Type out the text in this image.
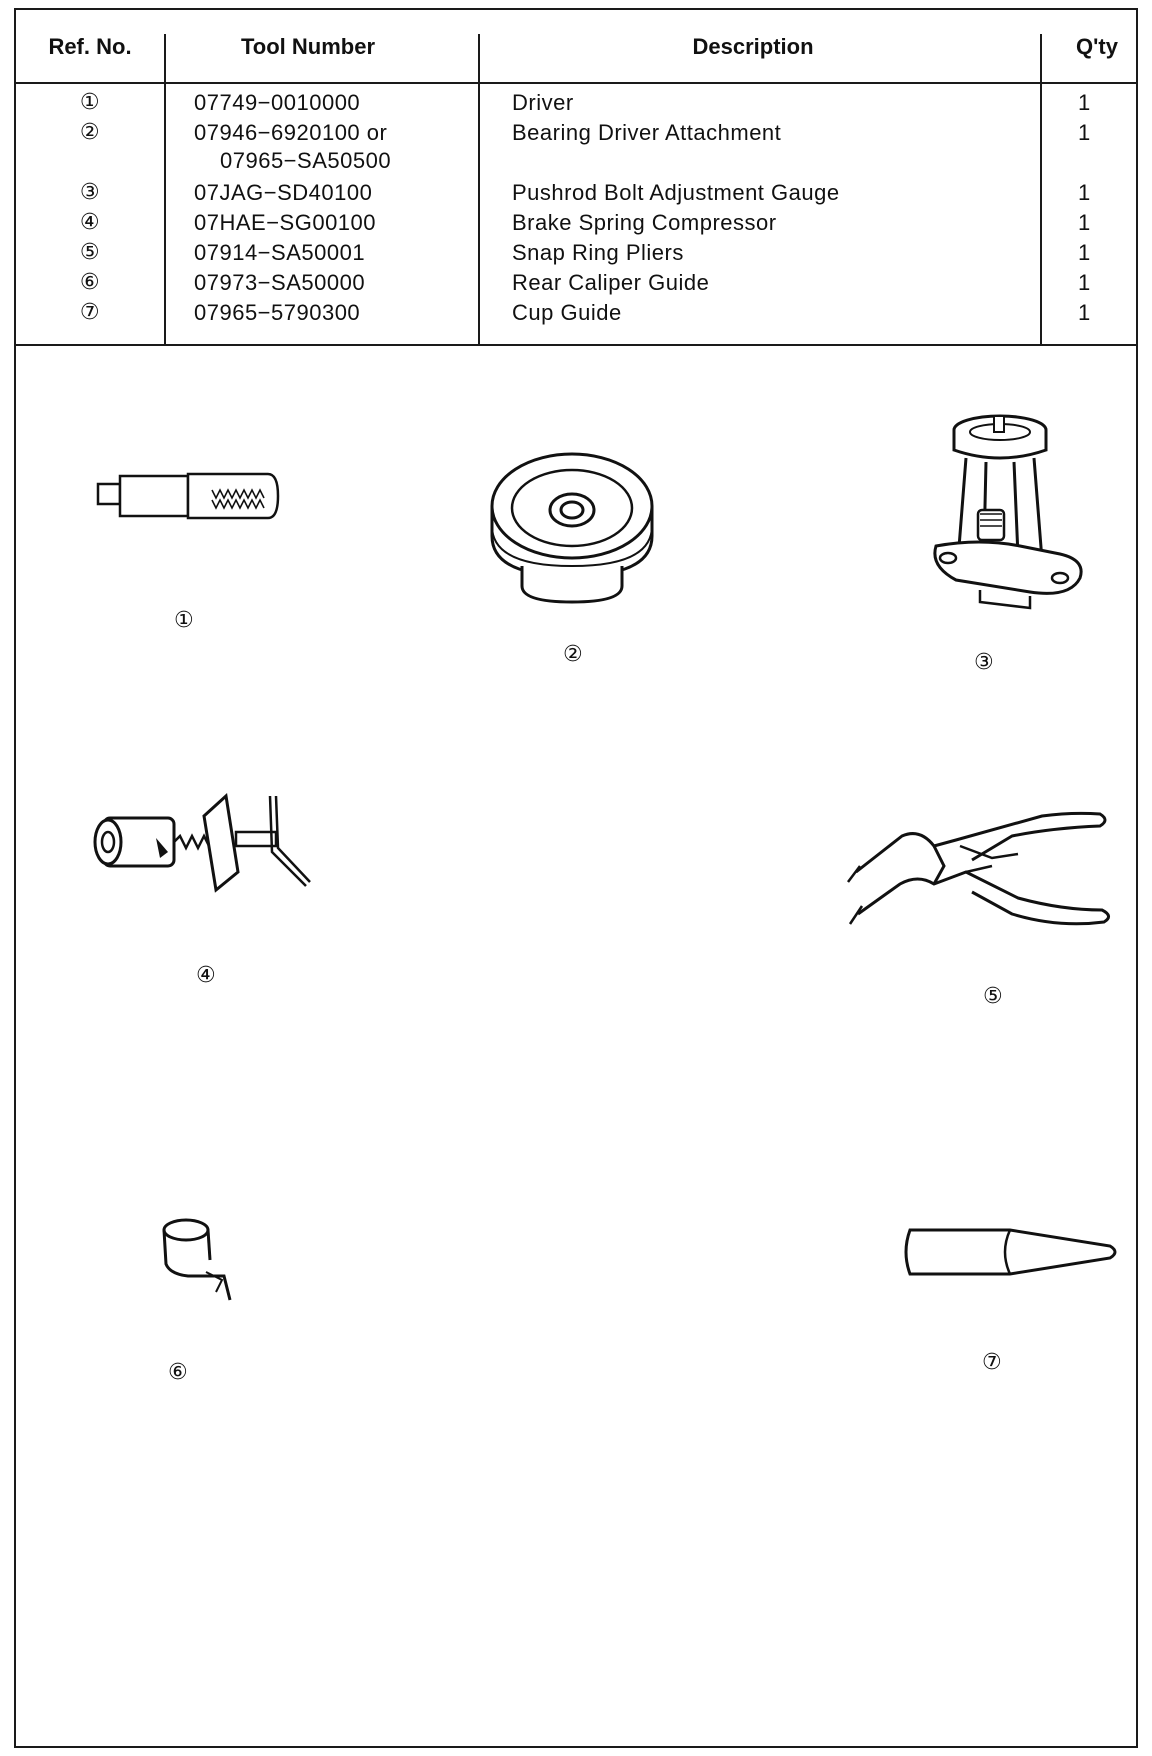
Ref. No.	Tool Number	Description	Q'ty
①	07749−0010000	Driver	1
②	07946−6920100 or	Bearing Driver Attachment	1
07965−SA50500
③	07JAG−SD40100	Pushrod Bolt Adjustment Gauge	1
④	07HAE−SG00100	Brake Spring Compressor	1
⑤	07914−SA50001	Snap Ring Pliers	1
⑥	07973−SA50000	Rear Caliper Guide	1
⑦	07965−5790300	Cup Guide	1
①
②	③
④
⑤
⑥	⑦
